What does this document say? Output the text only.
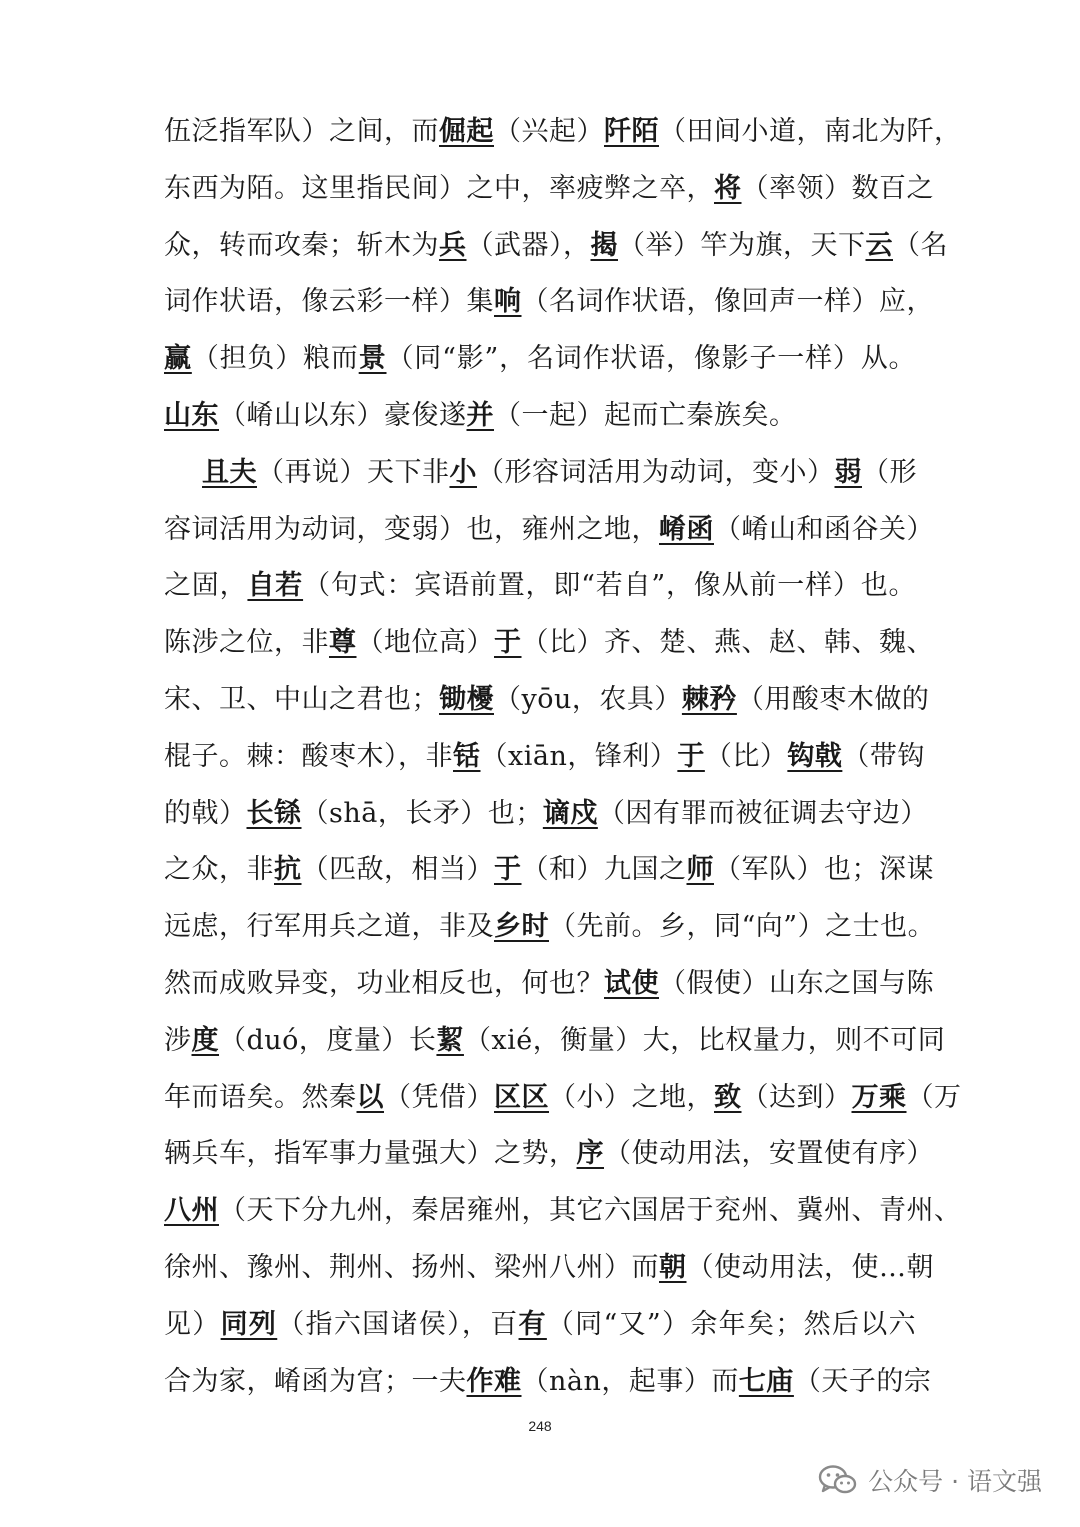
伍泛指军队）之间，而倔起（兴起）阡陌（田间小道，南北为阡，
东西为陌。这里指民间）之中，率疲弊之卒，将（率领）数百之
众，转而攻秦；斩木为兵（武器），揭（举）竿为旗，天下云（名
词作状语，像云彩一样）集响（名词作状语，像回声一样）应，
赢（担负）粮而景（同“影”，名词作状语，像影子一样）从。
山东（崤山以东）豪俊遂并（一起）起而亡秦族矣。
且夫（再说）天下非小（形容词活用为动词，变小）弱（形
容词活用为动词，变弱）也，雍州之地，崤函（崤山和函谷关）
之固，自若（句式：宾语前置，即“若自”，像从前一样）也。
陈涉之位，非尊（地位高）于（比）齐、楚、燕、赵、韩、魏、
宋、卫、中山之君也；锄櫌（yōu，农具）棘矜（用酸枣木做的
棍子。棘：酸枣木），非铦（xiān，锋利）于（比）钩戟（带钩
的戟）长铩（shā，长矛）也；谪戍（因有罪而被征调去守边）
之众，非抗（匹敌，相当）于（和）九国之师（军队）也；深谋
远虑，行军用兵之道，非及乡时（先前。乡，同“向”）之士也。
然而成败异变，功业相反也，何也？试使（假使）山东之国与陈
涉度（duó，度量）长絜（xié，衡量）大，比权量力，则不可同
年而语矣。然秦以（凭借）区区（小）之地，致（达到）万乘（万
辆兵车，指军事力量强大）之势，序（使动用法，安置使有序）
八州（天下分九州，秦居雍州，其它六国居于兖州、冀州、青州、
徐州、豫州、荆州、扬州、梁州八州）而朝（使动用法，使…朝
见）同列（指六国诸侯），百有（同“又”）余年矣；然后以六
合为家，崤函为宫；一夫作难（nàn，起事）而七庙（天子的宗
248
公众号 · 语文强
